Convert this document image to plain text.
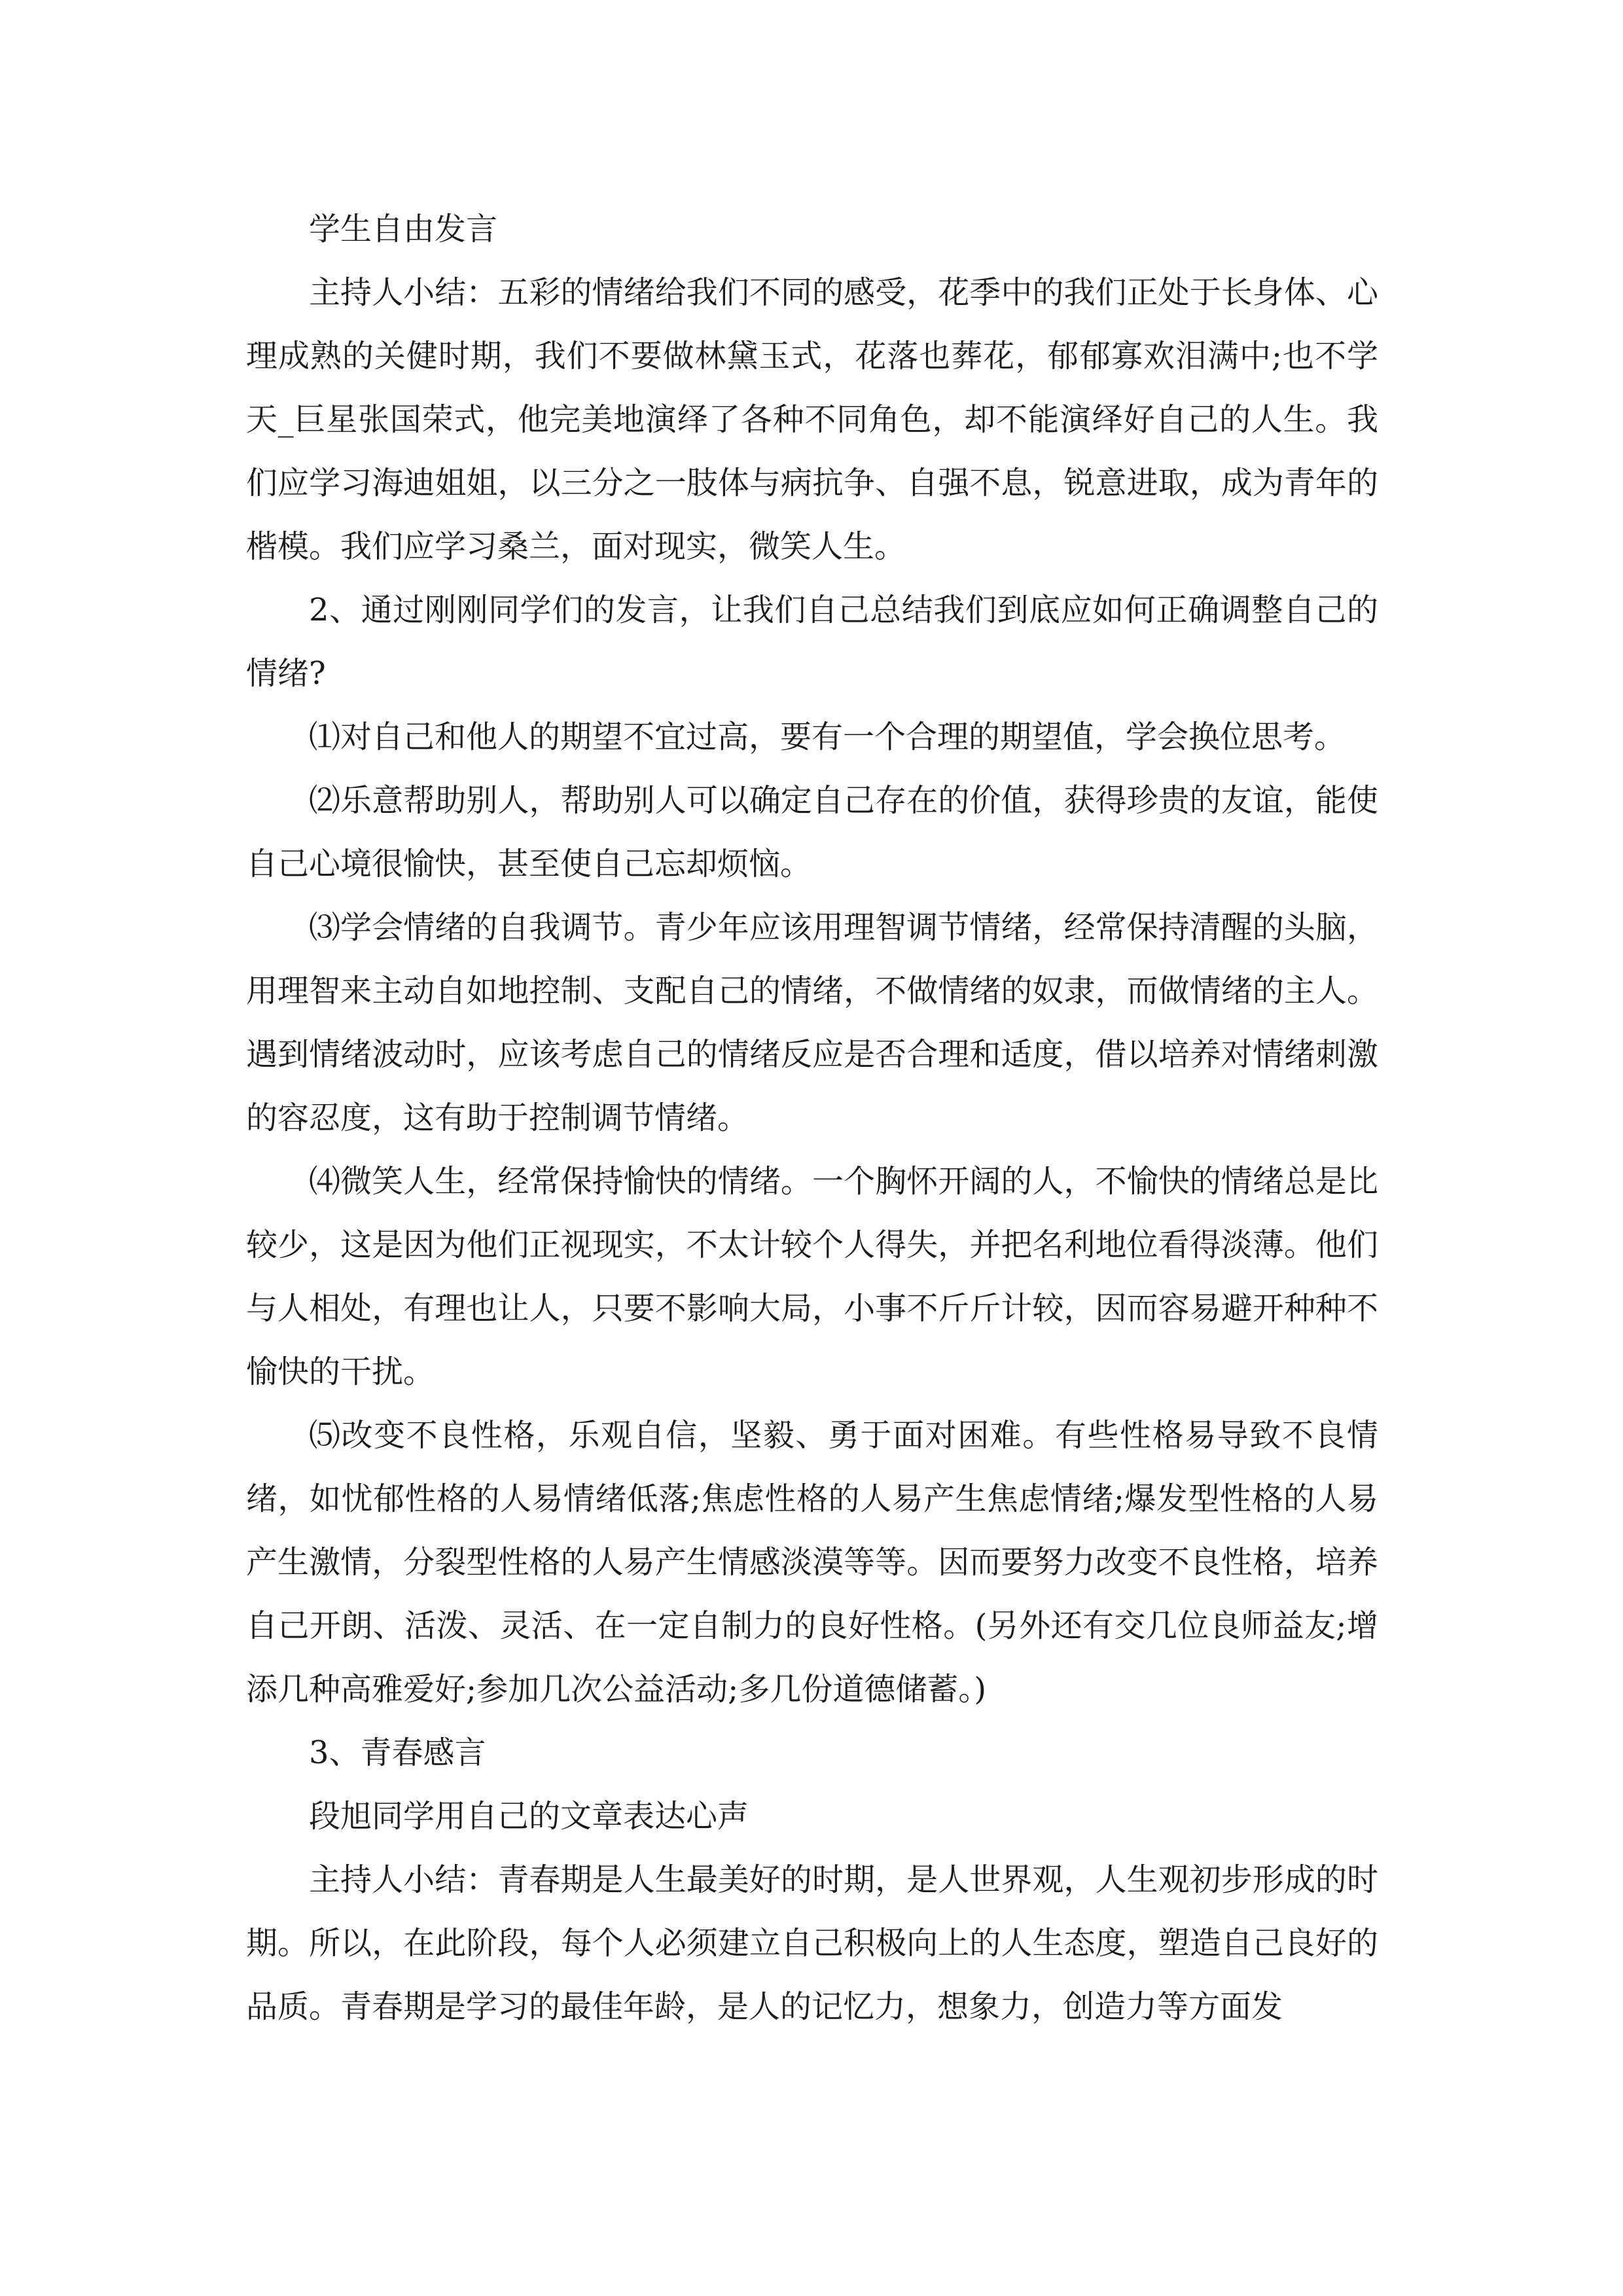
学生自由发言

主持人小结：五彩的情绪给我们不同的感受，花季中的我们正处于长身体、心理成熟的关健时期，我们不要做林黛玉式，花落也葬花，郁郁寡欢泪满中;也不学天_巨星张国荣式，他完美地演绎了各种不同角色，却不能演绎好自己的人生。我们应学习海迪姐姐，以三分之一肢体与病抗争、自强不息，锐意进取，成为青年的楷模。我们应学习桑兰，面对现实，微笑人生。

2、通过刚刚同学们的发言，让我们自己总结我们到底应如何正确调整自己的情绪?

⑴对自己和他人的期望不宜过高，要有一个合理的期望值，学会换位思考。

⑵乐意帮助别人，帮助别人可以确定自己存在的价值，获得珍贵的友谊，能使自己心境很愉快，甚至使自己忘却烦恼。

⑶学会情绪的自我调节。青少年应该用理智调节情绪，经常保持清醒的头脑，用理智来主动自如地控制、支配自己的情绪，不做情绪的奴隶，而做情绪的主人。遇到情绪波动时，应该考虑自己的情绪反应是否合理和适度，借以培养对情绪刺激的容忍度，这有助于控制调节情绪。

⑷微笑人生，经常保持愉快的情绪。一个胸怀开阔的人，不愉快的情绪总是比较少，这是因为他们正视现实，不太计较个人得失，并把名利地位看得淡薄。他们与人相处，有理也让人，只要不影响大局，小事不斤斤计较，因而容易避开种种不愉快的干扰。

⑸改变不良性格，乐观自信，坚毅、勇于面对困难。有些性格易导致不良情绪，如忧郁性格的人易情绪低落;焦虑性格的人易产生焦虑情绪;爆发型性格的人易产生激情，分裂型性格的人易产生情感淡漠等等。因而要努力改变不良性格，培养自己开朗、活泼、灵活、在一定自制力的良好性格。(另外还有交几位良师益友;增添几种高雅爱好;参加几次公益活动;多几份道德储蓄。)

3、青春感言

段旭同学用自己的文章表达心声

主持人小结：青春期是人生最美好的时期，是人世界观，人生观初步形成的时期。所以，在此阶段，每个人必须建立自己积极向上的人生态度，塑造自己良好的品质。青春期是学习的最佳年龄，是人的记忆力，想象力，创造力等方面发
